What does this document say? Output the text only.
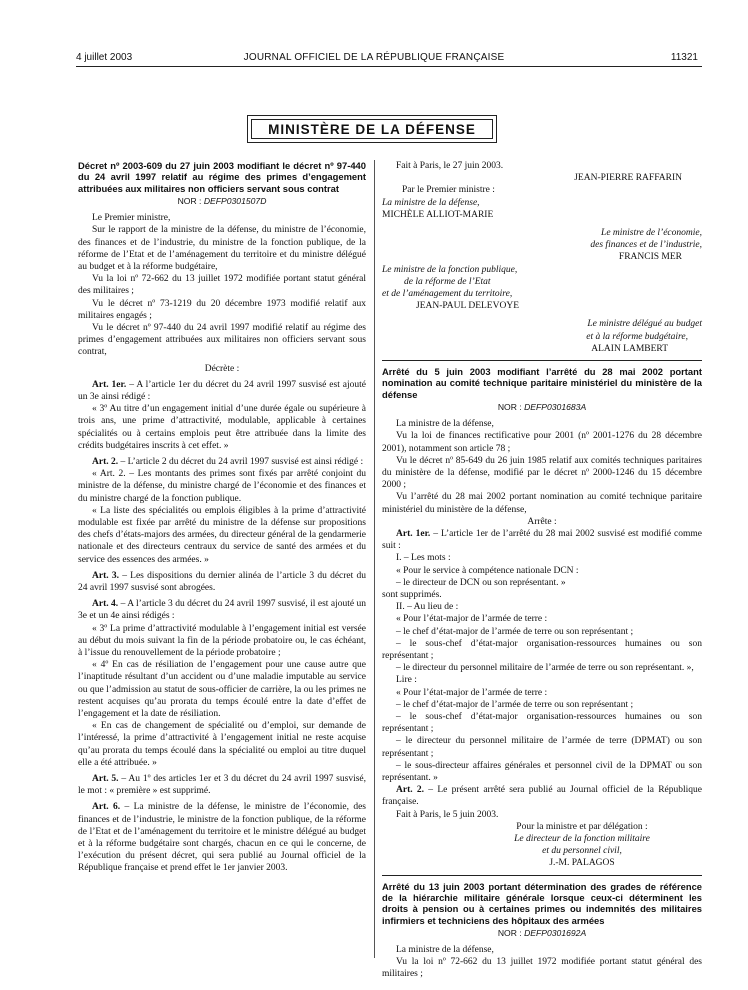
4 juillet 2003	JOURNAL OFFICIEL DE LA RÉPUBLIQUE FRANÇAISE	11321
MINISTÈRE DE LA DÉFENSE

Décret nº 2003-609 du 27 juin 2003 modifiant le décret nº 97-440 du 24 avril 1997 relatif au régime des primes d’engagement attribuées aux militaires non officiers servant sous contrat

NOR : DEFP0301507D

Le Premier ministre,

Sur le rapport de la ministre de la défense, du ministre de l’économie, des finances et de l’industrie, du ministre de la fonction publique, de la réforme de l’Etat et de l’aménagement du territoire et du ministre délégué au budget et à la réforme budgétaire,

Vu la loi nº 72-662 du 13 juillet 1972 modifiée portant statut général des militaires ;

Vu le décret nº 73-1219 du 20 décembre 1973 modifié relatif aux militaires engagés ;

Vu le décret nº 97-440 du 24 avril 1997 modifié relatif au régime des primes d’engagement attribuées aux militaires non officiers servant sous contrat,

Décrète :

Art. 1er. – A l’article 1er du décret du 24 avril 1997 susvisé est ajouté un 3e ainsi rédigé :

« 3º Au titre d’un engagement initial d’une durée égale ou supérieure à trois ans, une prime d’attractivité, modulable, applicable à certaines spécialités ou à certains emplois peut être attribuée dans la limite des crédits budgétaires inscrits à cet effet. »

Art. 2. – L’article 2 du décret du 24 avril 1997 susvisé est ainsi rédigé :

« Art. 2. – Les montants des primes sont fixés par arrêté conjoint du ministre de la défense, du ministre chargé de l’économie et des finances et du ministre chargé de la fonction publique.

« La liste des spécialités ou emplois éligibles à la prime d’attractivité modulable est fixée par arrêté du ministre de la défense sur propositions des chefs d’états-majors des armées, du directeur général de la gendarmerie nationale et des directeurs centraux du service de santé des armées et du service des essences des armées. »

Art. 3. – Les dispositions du dernier alinéa de l’article 3 du décret du 24 avril 1997 susvisé sont abrogées.

Art. 4. – A l’article 3 du décret du 24 avril 1997 susvisé, il est ajouté un 3e et un 4e ainsi rédigés :

« 3º La prime d’attractivité modulable à l’engagement initial est versée au début du mois suivant la fin de la période probatoire ou, le cas échéant, à l’issue du renouvellement de la période probatoire ;

« 4º En cas de résiliation de l’engagement pour une cause autre que l’inaptitude résultant d’un accident ou d’une maladie imputable au service ou que l’admission au statut de sous-officier de carrière, la ou les primes ne restent acquises qu’au prorata du temps écoulé entre la date d’effet de l’engagement et la date de résiliation.

« En cas de changement de spécialité ou d’emploi, sur demande de l’intéressé, la prime d’attractivité à l’engagement initial ne reste acquise qu’au prorata du temps écoulé dans la spécialité ou emploi au titre duquel elle a été attribuée. »

Art. 5. – Au 1º des articles 1er et 3 du décret du 24 avril 1997 susvisé, le mot : « première » est supprimé.

Art. 6. – La ministre de la défense, le ministre de l’économie, des finances et de l’industrie, le ministre de la fonction publique, de la réforme de l’Etat et de l’aménagement du territoire et le ministre délégué au budget et à la réforme budgétaire sont chargés, chacun en ce qui le concerne, de l’exécution du présent décret, qui sera publié au Journal officiel de la République française et prend effet le 1er janvier 2003.

Fait à Paris, le 27 juin 2003.

JEAN-PIERRE RAFFARIN

Par le Premier ministre :

La ministre de la défense,

MICHÈLE ALLIOT-MARIE

Le ministre de l’économie,

des finances et de l’industrie,

FRANCIS MER

Le ministre de la fonction publique,

de la réforme de l’Etat

et de l’aménagement du territoire,

JEAN-PAUL DELEVOYE

Le ministre délégué au budget

et à la réforme budgétaire,

ALAIN LAMBERT

Arrêté du 5 juin 2003 modifiant l’arrêté du 28 mai 2002 portant nomination au comité technique paritaire ministériel du ministère de la défense

NOR : DEFP0301683A

La ministre de la défense,

Vu la loi de finances rectificative pour 2001 (nº 2001-1276 du 28 décembre 2001), notamment son article 78 ;

Vu le décret nº 85-649 du 26 juin 1985 relatif aux comités techniques paritaires du ministère de la défense, modifié par le décret nº 2000-1246 du 15 décembre 2000 ;

Vu l’arrêté du 28 mai 2002 portant nomination au comité technique paritaire ministériel du ministère de la défense,

Arrête :

Art. 1er. – L’article 1er de l’arrêté du 28 mai 2002 susvisé est modifié comme suit :

I. – Les mots :

« Pour le service à compétence nationale DCN :

– le directeur de DCN ou son représentant. »

sont supprimés.

II. – Au lieu de :

« Pour l’état-major de l’armée de terre :

– le chef d’état-major de l’armée de terre ou son représentant ;

– le sous-chef d’état-major organisation-ressources humaines ou son représentant ;

– le directeur du personnel militaire de l’armée de terre ou son représentant. »,

Lire :

« Pour l’état-major de l’armée de terre :

– le chef d’état-major de l’armée de terre ou son représentant ;

– le sous-chef d’état-major organisation-ressources humaines ou son représentant ;

– le directeur du personnel militaire de l’armée de terre (DPMAT) ou son représentant ;

– le sous-directeur affaires générales et personnel civil de la DPMAT ou son représentant. »

Art. 2. – Le présent arrêté sera publié au Journal officiel de la République française.

Fait à Paris, le 5 juin 2003.

Pour la ministre et par délégation :

Le directeur de la fonction militaire

et du personnel civil,

J.-M. PALAGOS

Arrêté du 13 juin 2003 portant détermination des grades de référence de la hiérarchie militaire générale lorsque ceux-ci déterminent les droits à pension ou à certaines primes ou indemnités des militaires infirmiers et techniciens des hôpitaux des armées

NOR : DEFP0301692A

La ministre de la défense,

Vu la loi nº 72-662 du 13 juillet 1972 modifiée portant statut général des militaires ;
